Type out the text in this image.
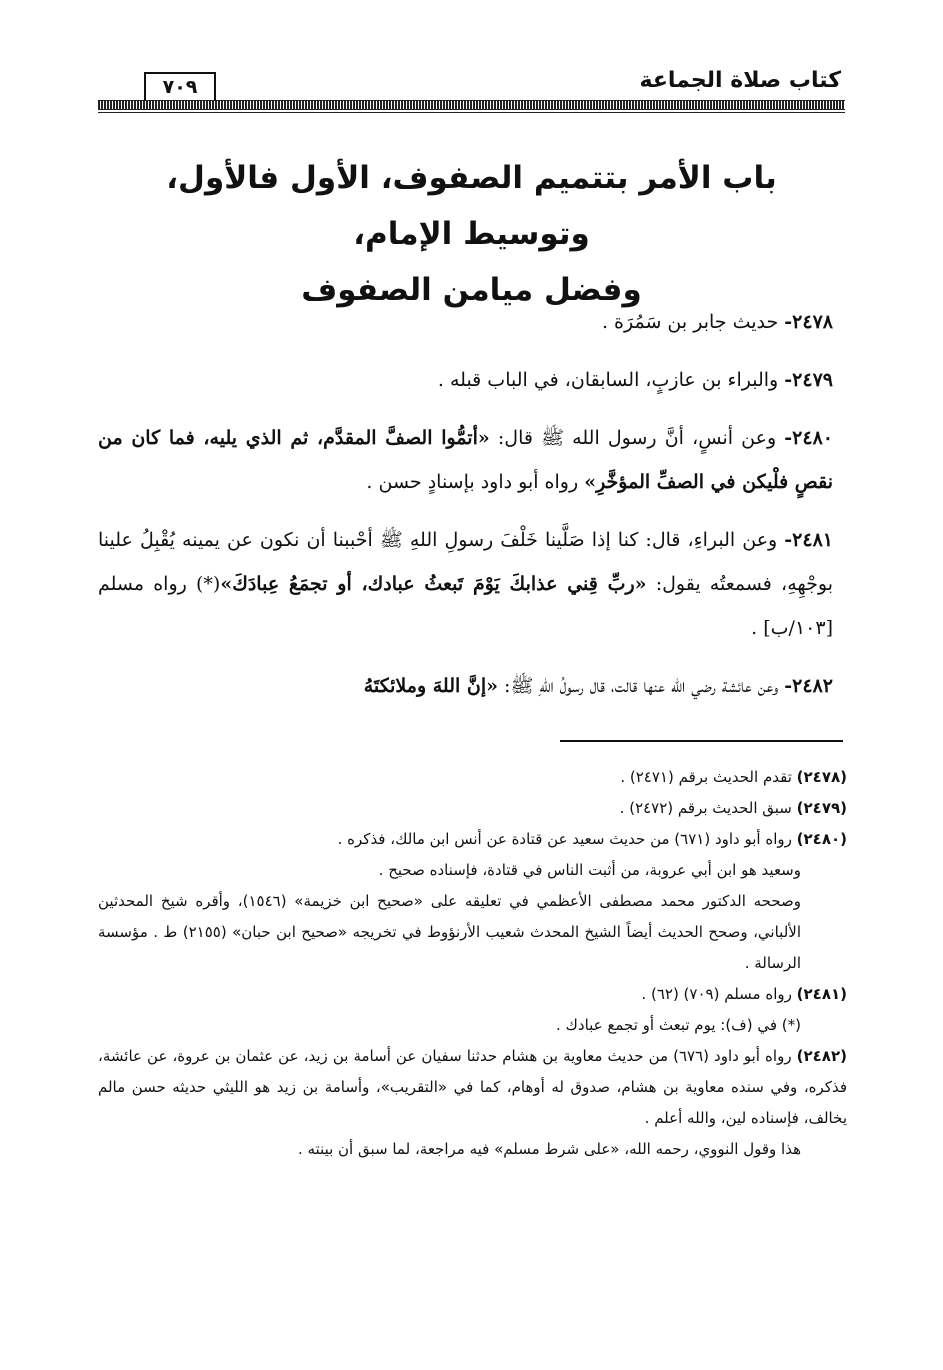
كتاب صلاة الجماعة
٧٠٩
باب الأمر بتتميم الصفوف، الأول فالأول، وتوسيط الإمام،
وفضل ميامن الصفوف

٢٤٧٨- حديث جابر بن سَمُرَة .

٢٤٧٩- والبراء بن عازبٍ، السابقان، في الباب قبله .

٢٤٨٠- وعن أنسٍ، أنَّ رسول الله ﷺ قال: «أتمُّوا الصفَّ المقدَّم، ثم الذي يليه، فما كان من نقصٍ فلْيكن في الصفِّ المؤخَّرِ» رواه أبو داود بإسنادٍ حسن .

٢٤٨١- وعن البراءِ، قال: كنا إذا صَلَّينا خَلْفَ رسولِ اللهِ ﷺ أحْببنا أن نكون عن يمينه يُقْبِلُ علينا بوجْهِهِ، فسمعتُه يقول: «ربِّ قِني عذابكَ يَوْمَ تَبعثُ عبادك، أو تجمَعُ عِبادَكَ»(*) رواه مسلم [١٠٣/ب] .

٢٤٨٢- وعن عائشة رضي الله عنها قالت، قال رسولُ اللهِ ﷺ: «إنَّ اللهَ وملائكتَهُ

(٢٤٧٨) تقدم الحديث برقم (٢٤٧١) .

(٢٤٧٩) سبق الحديث برقم (٢٤٧٢) .

(٢٤٨٠) رواه أبو داود (٦٧١) من حديث سعيد عن قتادة عن أنس ابن مالك، فذكره .

وسعيد هو ابن أبي عروبة، من أثبت الناس في قتادة، فإسناده صحيح .

وصححه الدكتور محمد مصطفى الأعظمي في تعليقه على «صحيح ابن خزيمة» (١٥٤٦)، وأقره شيخ المحدثين الألباني، وصحح الحديث أيضاً الشيخ المحدث شعيب الأرنؤوط في تخريجه «صحيح ابن حبان» (٢١٥٥) ط . مؤسسة الرسالة .

(٢٤٨١) رواه مسلم (٧٠٩) (٦٢) .

(*) في (ف): يوم تبعث أو تجمع عبادك .

(٢٤٨٢) رواه أبو داود (٦٧٦) من حديث معاوية بن هشام حدثنا سفيان عن أسامة بن زيد، عن عثمان بن عروة، عن عائشة، فذكره، وفي سنده معاوية بن هشام، صدوق له أوهام، كما في «التقريب»، وأسامة بن زيد هو الليثي حديثه حسن مالم يخالف، فإسناده لين، والله أعلم .

هذا وقول النووي، رحمه الله، «على شرط مسلم» فيه مراجعة، لما سبق أن بينته .
